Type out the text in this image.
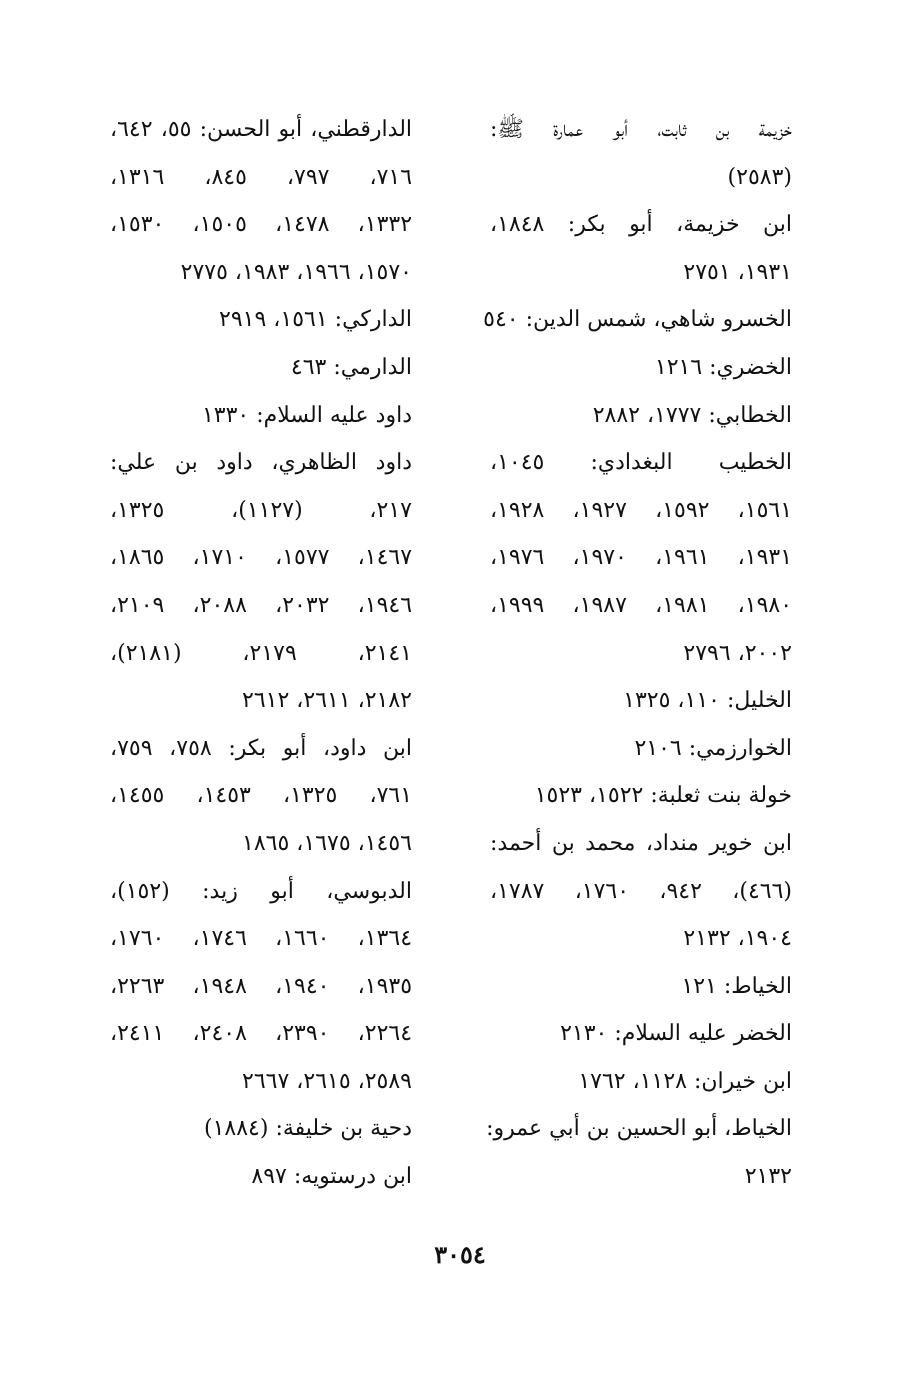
خزيمة بن ثابت، أبو عمارة ﷺ:
(٢٥٨٣)
ابن خزيمة، أبو بكر: ١٨٤٨،
١٩٣١، ٢٧٥١
الخسرو شاهي، شمس الدين: ٥٤٠
الخضري: ١٢١٦
الخطابي: ١٧٧٧، ٢٨٨٢
الخطيب البغدادي: ١٠٤٥،
١٥٦١، ١٥٩٢، ١٩٢٧، ١٩٢٨،
١٩٣١، ١٩٦١، ١٩٧٠، ١٩٧٦،
١٩٨٠، ١٩٨١، ١٩٨٧، ١٩٩٩،
٢٠٠٢، ٢٧٩٦
الخليل: ١١٠، ١٣٢٥
الخوارزمي: ٢١٠٦
خولة بنت ثعلبة: ١٥٢٢، ١٥٢٣
ابن خوير منداد، محمد بن أحمد:
(٤٦٦)، ٩٤٢، ١٧٦٠، ١٧٨٧،
١٩٠٤، ٢١٣٢
الخياط: ١٢١
الخضر عليه السلام: ٢١٣٠
ابن خيران: ١١٢٨، ١٧٦٢
الخياط، أبو الحسين بن أبي عمرو:
٢١٣٢
الدارقطني، أبو الحسن: ٥٥، ٦٤٢،
٧١٦، ٧٩٧، ٨٤٥، ١٣١٦،
١٣٣٢، ١٤٧٨، ١٥٠٥، ١٥٣٠،
١٥٧٠، ١٩٦٦، ١٩٨٣، ٢٧٧٥
الداركي: ١٥٦١، ٢٩١٩
الدارمي: ٤٦٣
داود عليه السلام: ١٣٣٠
داود الظاهري، داود بن علي:
٢١٧، (١١٢٧)، ١٣٢٥،
١٤٦٧، ١٥٧٧، ١٧١٠، ١٨٦٥،
١٩٤٦، ٢٠٣٢، ٢٠٨٨، ٢١٠٩،
٢١٤١، ٢١٧٩، (٢١٨١)،
٢١٨٢، ٢٦١١، ٢٦١٢
ابن داود، أبو بكر: ٧٥٨، ٧٥٩،
٧٦١، ١٣٢٥، ١٤٥٣، ١٤٥٥،
١٤٥٦، ١٦٧٥، ١٨٦٥
الدبوسي، أبو زيد: (١٥٢)،
١٣٦٤، ١٦٦٠، ١٧٤٦، ١٧٦٠،
١٩٣٥، ١٩٤٠، ١٩٤٨، ٢٢٦٣،
٢٢٦٤، ٢٣٩٠، ٢٤٠٨، ٢٤١١،
٢٥٨٩، ٢٦١٥، ٢٦٦٧
دحية بن خليفة: (١٨٨٤)
ابن درستويه: ٨٩٧
٣٠٥٤
